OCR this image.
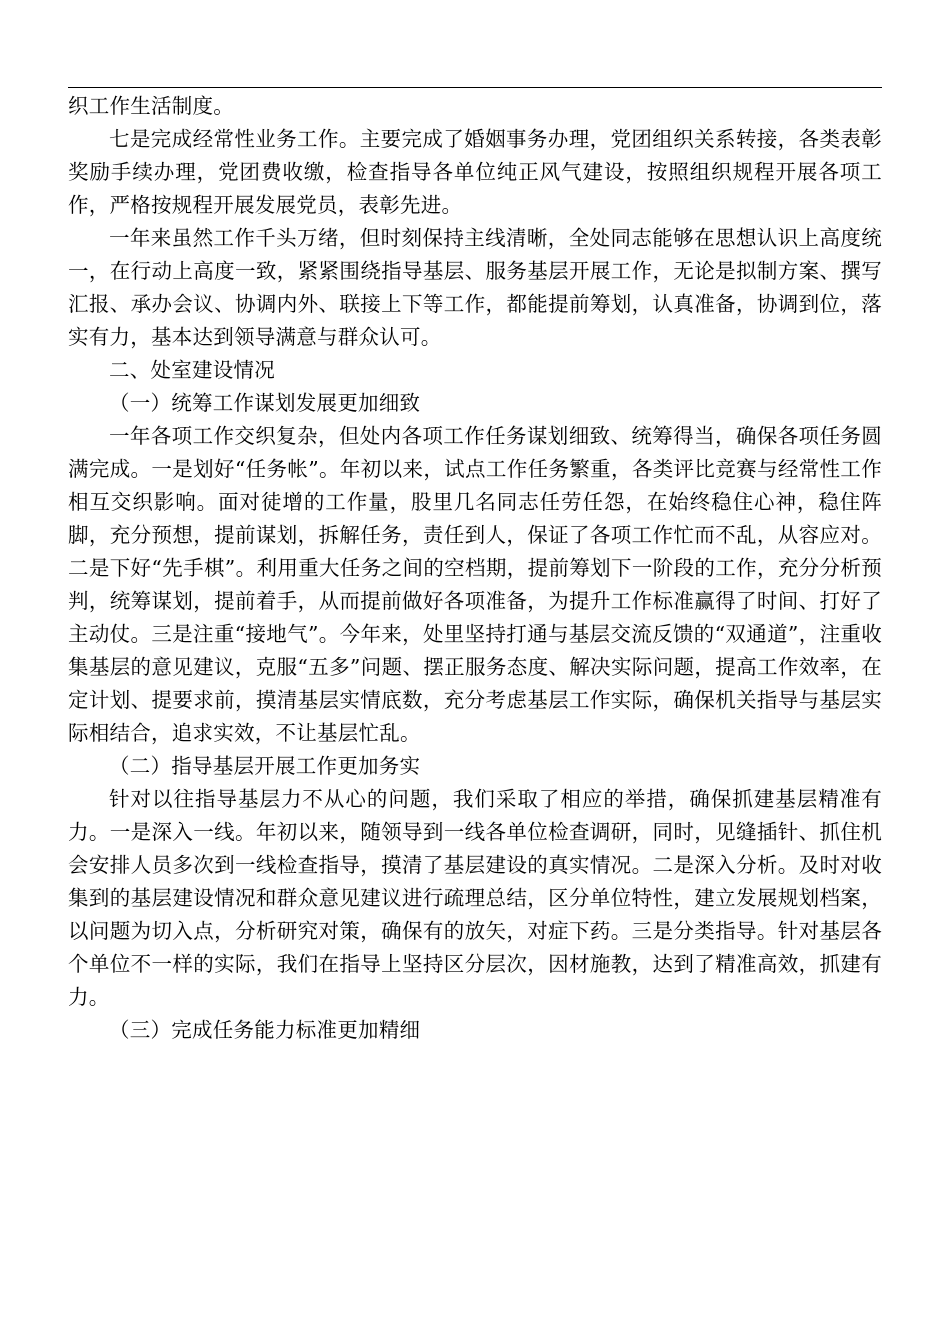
织工作生活制度。

七是完成经常性业务工作。主要完成了婚姻事务办理，党团组织关系转接，各类表彰奖励手续办理，党团费收缴，检查指导各单位纯正风气建设，按照组织规程开展各项工作，严格按规程开展发展党员，表彰先进。

一年来虽然工作千头万绪，但时刻保持主线清晰，全处同志能够在思想认识上高度统一，在行动上高度一致，紧紧围绕指导基层、服务基层开展工作，无论是拟制方案、撰写汇报、承办会议、协调内外、联接上下等工作，都能提前筹划，认真准备，协调到位，落实有力，基本达到领导满意与群众认可。

二、处室建设情况

（一）统筹工作谋划发展更加细致

一年各项工作交织复杂，但处内各项工作任务谋划细致、统筹得当，确保各项任务圆满完成。一是划好“任务帐”。年初以来，试点工作任务繁重，各类评比竞赛与经常性工作相互交织影响。面对徒增的工作量，股里几名同志任劳任怨，在始终稳住心神，稳住阵脚，充分预想，提前谋划，拆解任务，责任到人，保证了各项工作忙而不乱，从容应对。二是下好“先手棋”。利用重大任务之间的空档期，提前筹划下一阶段的工作，充分分析预判，统筹谋划，提前着手，从而提前做好各项准备，为提升工作标准赢得了时间、打好了主动仗。三是注重“接地气”。今年来，处里坚持打通与基层交流反馈的“双通道”，注重收集基层的意见建议，克服“五多”问题、摆正服务态度、解决实际问题，提高工作效率，在定计划、提要求前，摸清基层实情底数，充分考虑基层工作实际，确保机关指导与基层实际相结合，追求实效，不让基层忙乱。

（二）指导基层开展工作更加务实

针对以往指导基层力不从心的问题，我们采取了相应的举措，确保抓建基层精准有力。一是深入一线。年初以来，随领导到一线各单位检查调研，同时，见缝插针、抓住机会安排人员多次到一线检查指导，摸清了基层建设的真实情况。二是深入分析。及时对收集到的基层建设情况和群众意见建议进行疏理总结，区分单位特性，建立发展规划档案，以问题为切入点，分析研究对策，确保有的放矢，对症下药。三是分类指导。针对基层各个单位不一样的实际，我们在指导上坚持区分层次，因材施教，达到了精准高效，抓建有力。

（三）完成任务能力标准更加精细
